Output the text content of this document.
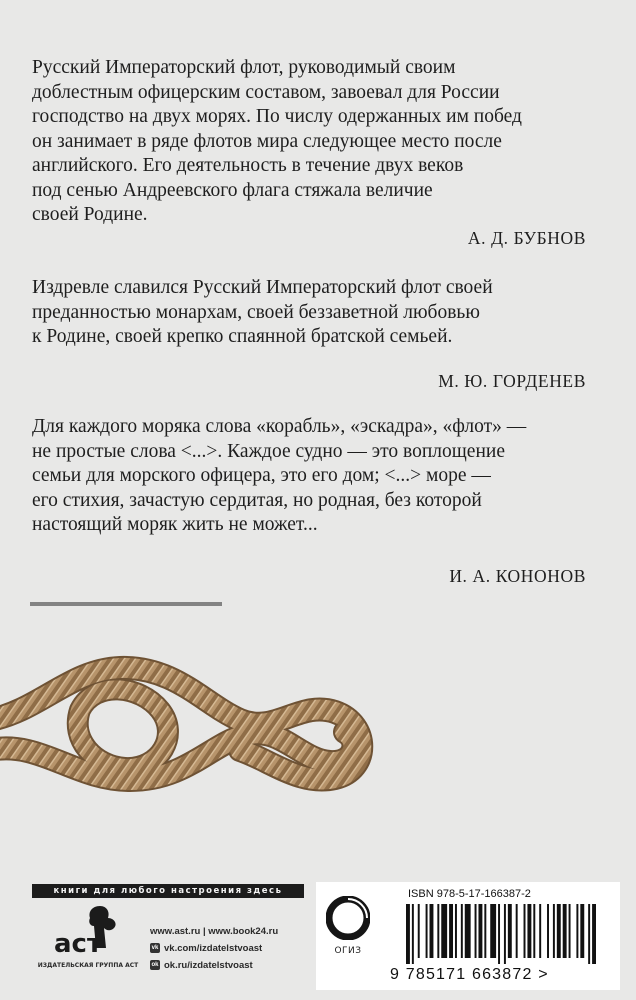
Русский Императорский флот, руководимый своим
доблестным офицерским составом, завоевал для России
господство на двух морях. По числу одержанных им побед
он занимает в ряде флотов мира следующее место после
английского. Его деятельность в течение двух веков
под сенью Андреевского флага стяжала величие
своей Родине.
А. Д. БУБНОВ
Издревле славился Русский Императорский флот своей
преданностью монархам, своей беззаветной любовью
к Родине, своей крепко спаянной братской семьей.
М. Ю. ГОРДЕНЕВ
Для каждого моряка слова «корабль», «эскадра», «флот» —
не простые слова <...>. Каждое судно — это воплощение
семьи для морского офицера, это его дом; <...> море —
его стихия, зачастую сердитая, но родная, без которой
настоящий моряк жить не может...
И. А. КОНОНОВ
книги для любого настроения здесь
аст
ИЗДАТЕЛЬСКАЯ ГРУППА АСТ
www.ast.ru | www.book24.ru
vk vk.com/izdatelstvoast
ok ok.ru/izdatelstvoast
ОГИЗ
ISBN 978-5-17-166387-2
9 785171 663872 >
